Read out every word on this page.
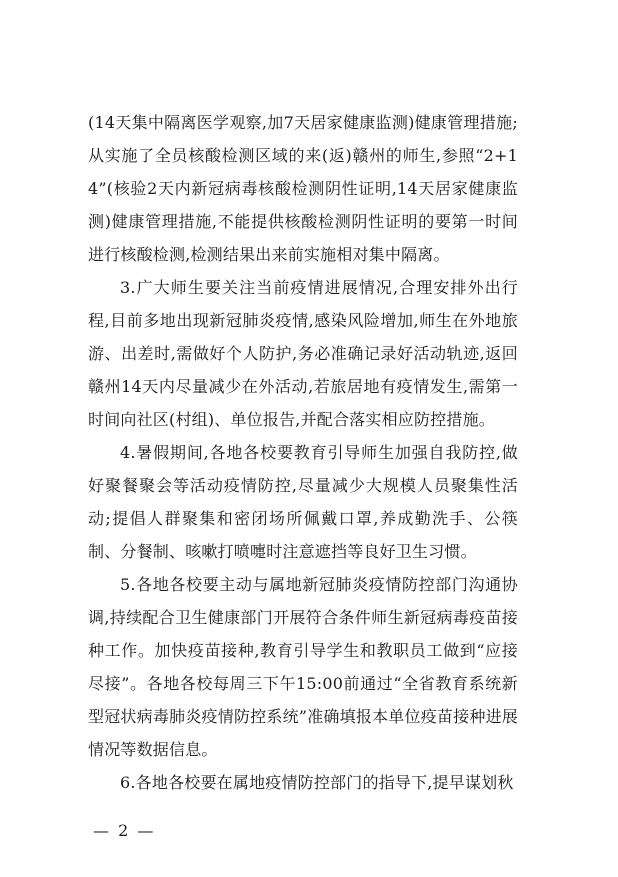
(14天集中隔离医学观察,加7天居家健康监测)健康管理措施;从实施了全员核酸检测区域的来(返)赣州的师生,参照“2+14”(核验2天内新冠病毒核酸检测阴性证明,14天居家健康监测)健康管理措施,不能提供核酸检测阴性证明的要第一时间进行核酸检测,检测结果出来前实施相对集中隔离。

3.广大师生要关注当前疫情进展情况,合理安排外出行程,目前多地出现新冠肺炎疫情,感染风险增加,师生在外地旅游、出差时,需做好个人防护,务必准确记录好活动轨迹,返回赣州14天内尽量减少在外活动,若旅居地有疫情发生,需第一时间向社区(村组)、单位报告,并配合落实相应防控措施。

4.暑假期间,各地各校要教育引导师生加强自我防控,做好聚餐聚会等活动疫情防控,尽量减少大规模人员聚集性活动;提倡人群聚集和密闭场所佩戴口罩,养成勤洗手、公筷制、分餐制、咳嗽打喷嚏时注意遮挡等良好卫生习惯。

5.各地各校要主动与属地新冠肺炎疫情防控部门沟通协调,持续配合卫生健康部门开展符合条件师生新冠病毒疫苗接种工作。加快疫苗接种,教育引导学生和教职员工做到“应接尽接”。各地各校每周三下午15:00前通过“全省教育系统新型冠状病毒肺炎疫情防控系统”准确填报本单位疫苗接种进展情况等数据信息。

6.各地各校要在属地疫情防控部门的指导下,提早谋划秋

— 2 —
